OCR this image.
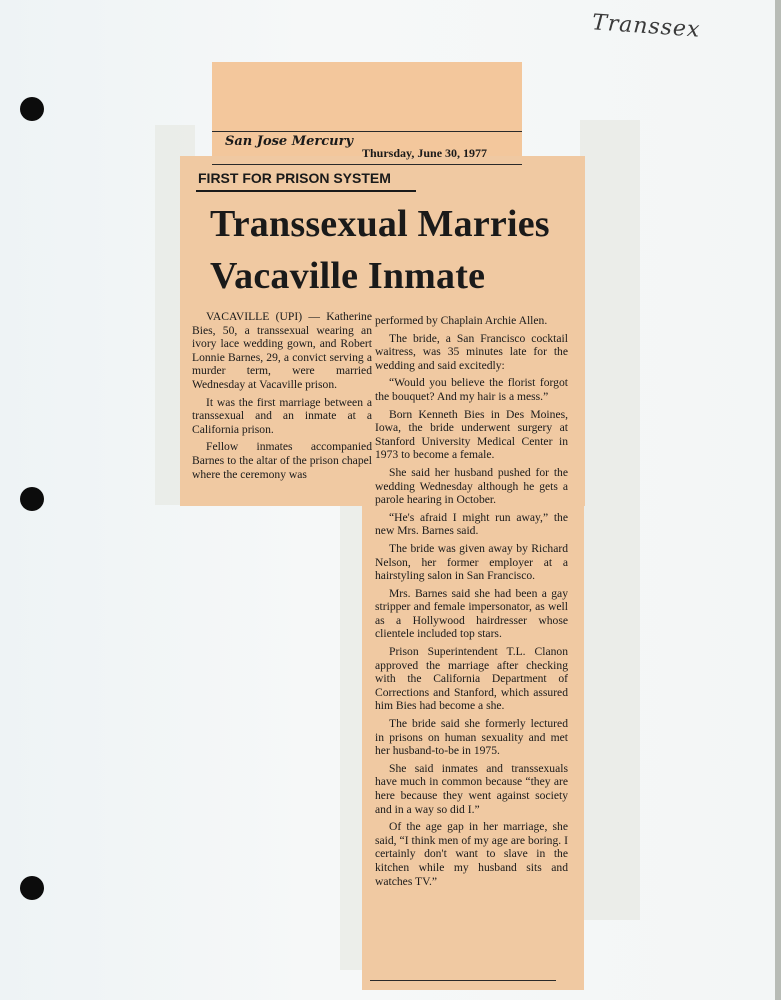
Transsex
San Jose Mercury
Thursday, June 30, 1977
FIRST FOR PRISON SYSTEM
Transsexual Marries
Vacaville Inmate

VACAVILLE (UPI) — Katherine Bies, 50, a transsexual wearing an ivory lace wedding gown, and Robert Lonnie Barnes, 29, a convict serving a murder term, were married Wednesday at Vacaville prison.

It was the first marriage between a transsexual and an inmate at a California prison.

Fellow inmates accompanied Barnes to the altar of the prison chapel where the ceremony was

performed by Chaplain Archie Allen.

The bride, a San Francisco cocktail waitress, was 35 minutes late for the wedding and said excitedly:

“Would you believe the florist forgot the bouquet? And my hair is a mess.”

Born Kenneth Bies in Des Moines, Iowa, the bride underwent surgery at Stanford University Medical Center in 1973 to become a female.

She said her husband pushed for the wedding Wednesday although he gets a parole hearing in October.

“He's afraid I might run away,” the new Mrs. Barnes said.

The bride was given away by Richard Nelson, her former employer at a hairstyling salon in San Francisco.

Mrs. Barnes said she had been a gay stripper and female impersonator, as well as a Hollywood hairdresser whose clientele included top stars.

Prison Superintendent T.L. Clanon approved the marriage after checking with the California Department of Corrections and Stanford, which assured him Bies had become a she.

The bride said she formerly lectured in prisons on human sexuality and met her husband-to-be in 1975.

She said inmates and transsexuals have much in common because “they are here because they went against society and in a way so did I.”

Of the age gap in her marriage, she said, “I think men of my age are boring. I certainly don't want to slave in the kitchen while my husband sits and watches TV.”
